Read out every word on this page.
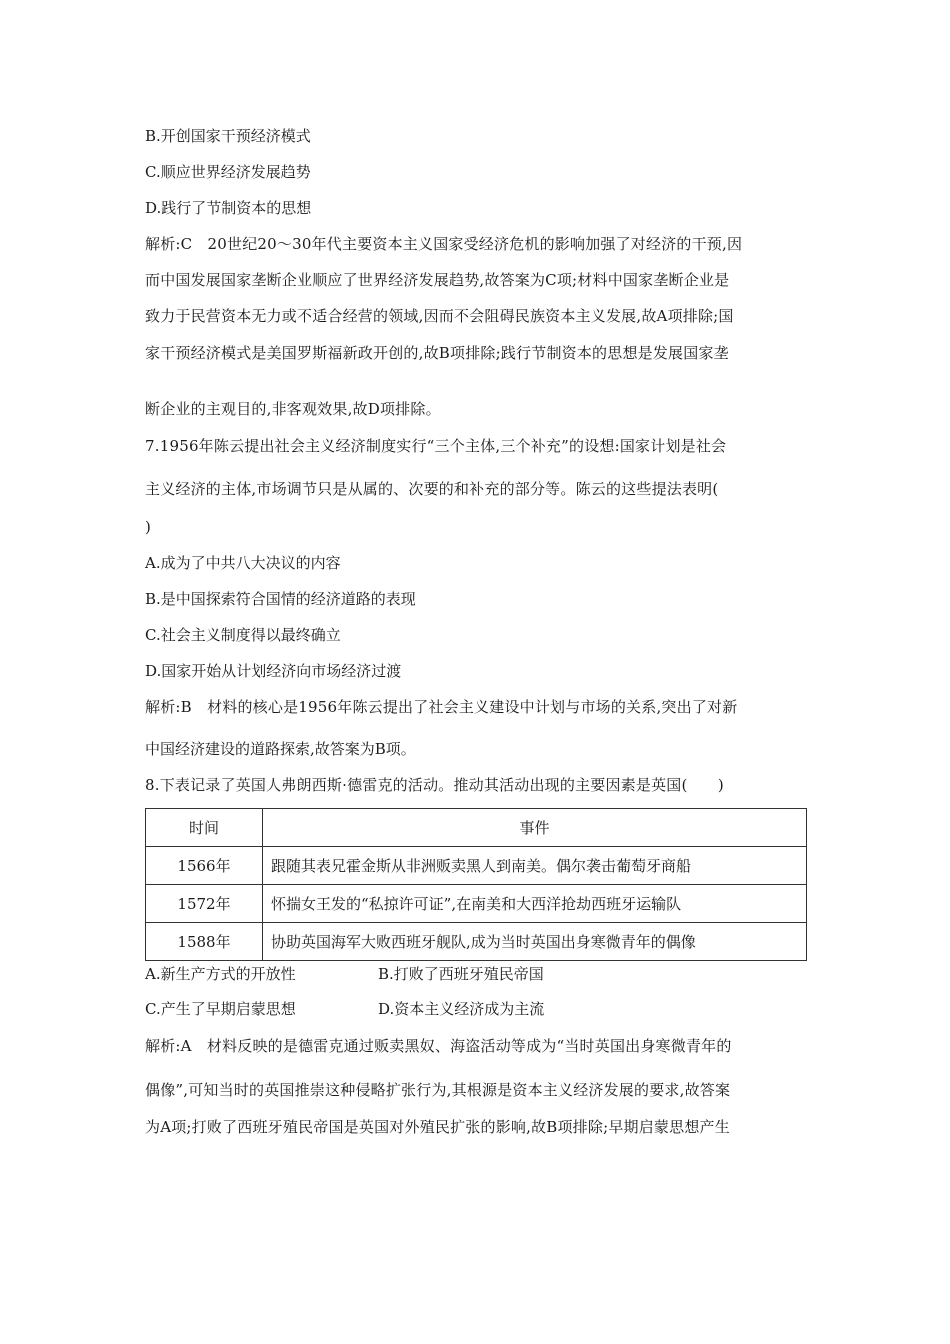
B.开创国家干预经济模式
C.顺应世界经济发展趋势
D.践行了节制资本的思想
解析:C　20世纪20～30年代主要资本主义国家受经济危机的影响加强了对经济的干预,因
而中国发展国家垄断企业顺应了世界经济发展趋势,故答案为C项;材料中国家垄断企业是
致力于民营资本无力或不适合经营的领域,因而不会阻碍民族资本主义发展,故A项排除;国
家干预经济模式是美国罗斯福新政开创的,故B项排除;践行节制资本的思想是发展国家垄
断企业的主观目的,非客观效果,故D项排除。
7.1956年陈云提出社会主义经济制度实行“三个主体,三个补充”的设想:国家计划是社会
主义经济的主体,市场调节只是从属的、次要的和补充的部分等。陈云的这些提法表明(
)
A.成为了中共八大决议的内容
B.是中国探索符合国情的经济道路的表现
C.社会主义制度得以最终确立
D.国家开始从计划经济向市场经济过渡
解析:B　材料的核心是1956年陈云提出了社会主义建设中计划与市场的关系,突出了对新
中国经济建设的道路探索,故答案为B项。
8.下表记录了英国人弗朗西斯·德雷克的活动。推动其活动出现的主要因素是英国(　　)
时间	事件
1566年	跟随其表兄霍金斯从非洲贩卖黑人到南美。偶尔袭击葡萄牙商船
1572年	怀揣女王发的“私掠许可证”,在南美和大西洋抢劫西班牙运输队
1588年	协助英国海军大败西班牙舰队,成为当时英国出身寒微青年的偶像
A.新生产方式的开放性	B.打败了西班牙殖民帝国
C.产生了早期启蒙思想	D.资本主义经济成为主流
解析:A　材料反映的是德雷克通过贩卖黑奴、海盗活动等成为“当时英国出身寒微青年的
偶像”,可知当时的英国推崇这种侵略扩张行为,其根源是资本主义经济发展的要求,故答案
为A项;打败了西班牙殖民帝国是英国对外殖民扩张的影响,故B项排除;早期启蒙思想产生
